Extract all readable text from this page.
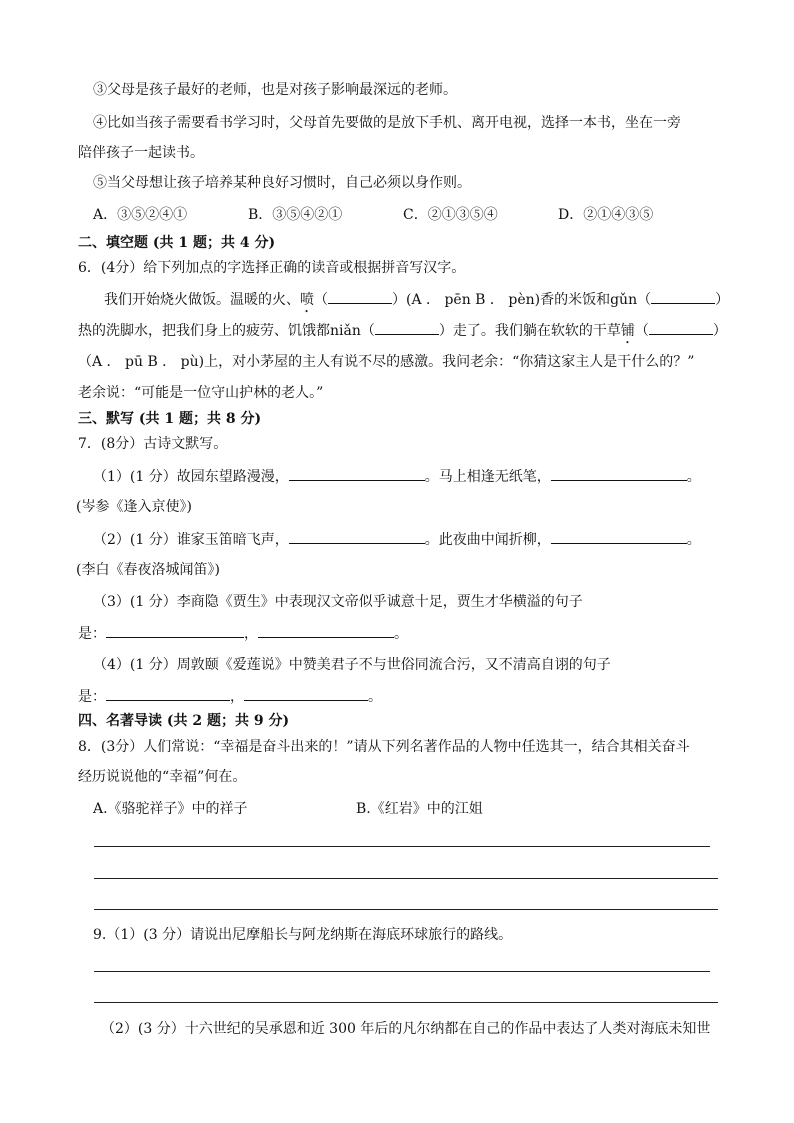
③父母是孩子最好的老师，也是对孩子影响最深远的老师。
④比如当孩子需要看书学习时，父母首先要做的是放下手机、离开电视，选择一本书，坐在一旁
陪伴孩子一起读书。
⑤当父母想让孩子培养某种良好习惯时，自己必须以身作则。
A．③⑤②④①	B．③⑤④②①	C．②①③⑤④	D．②①④③⑤
二、填空题 (共 1 题；共 4 分)
6．(4分）给下列加点的字选择正确的读音或根据拼音写汉字。
我们开始烧火做饭。温暖的火、喷（	）(A ． pēn B ． pèn)香的米饭和gǔn（	）
热的洗脚水，把我们身上的疲劳、饥饿都niǎn（	）走了。我们躺在软软的干草铺（	）
（A ． pū B ． pù)上，对小茅屋的主人有说不尽的感激。我问老余：“你猜这家主人是干什么的？”
老余说：“可能是一位守山护林的老人。”
三、默写 (共 1 题；共 8 分)
7．(8分）古诗文默写。
（1）(1 分）故园东望路漫漫，	。马上相逢无纸笔，	。
(岑参《逢入京使》)
（2）(1 分）谁家玉笛暗飞声，	。此夜曲中闻折柳，	。
(李白《春夜洛城闻笛》)
（3）(1 分）李商隐《贾生》中表现汉文帝似乎诚意十足，贾生才华横溢的句子
是：	，	。
（4）(1 分）周敦颐《爱莲说》中赞美君子不与世俗同流合污，又不清高自诩的句子
是：	，	。
四、名著导读 (共 2 题；共 9 分)
8．(3分）人们常说：“幸福是奋斗出来的！”请从下列名著作品的人物中任选其一，结合其相关奋斗
经历说说他的“幸福”何在。
A.《骆驼祥子》中的祥子	B.《红岩》中的江姐
9.（1）(3 分）请说出尼摩船长与阿龙纳斯在海底环球旅行的路线。
（2）(3 分）十六世纪的吴承恩和近 300 年后的凡尔纳都在自己的作品中表达了人类对海底未知世
